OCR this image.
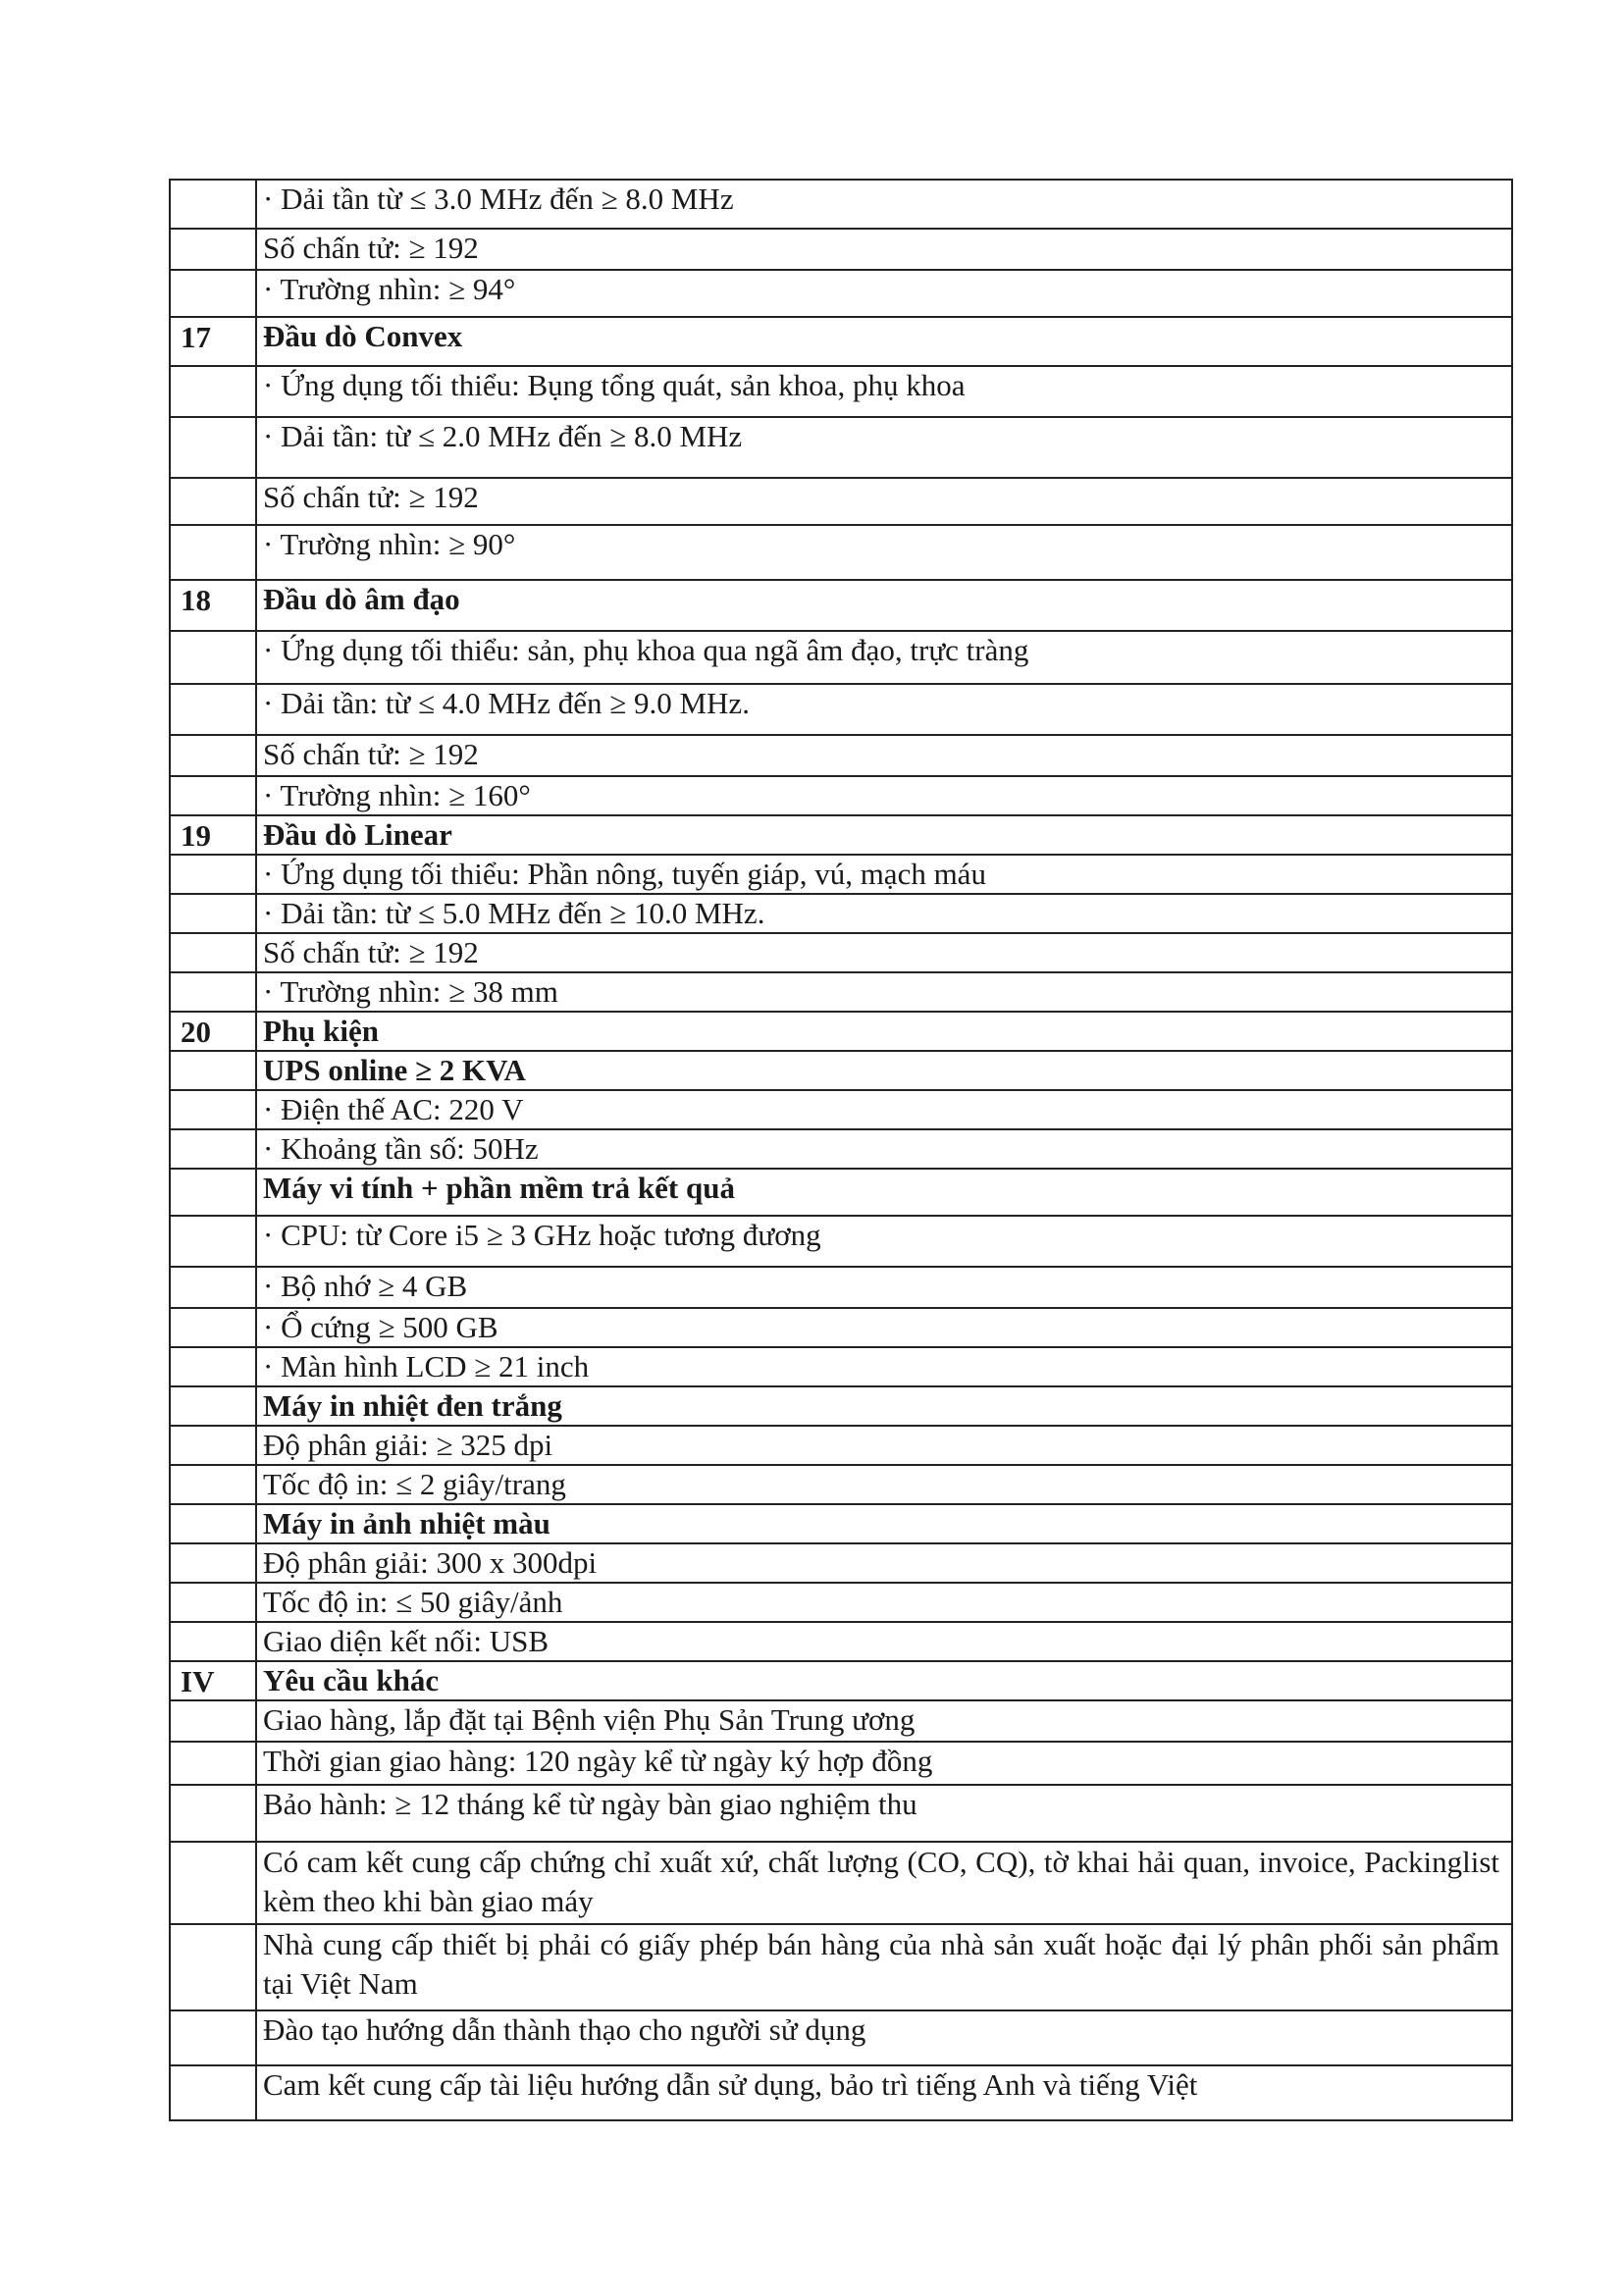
· Dải tần từ ≤ 3.0 MHz đến ≥ 8.0 MHz
Số chấn tử: ≥ 192
· Trường nhìn: ≥ 94°
17	Đầu dò Convex
· Ứng dụng tối thiểu: Bụng tổng quát, sản khoa, phụ khoa
· Dải tần: từ ≤ 2.0 MHz đến ≥ 8.0 MHz
Số chấn tử: ≥ 192
· Trường nhìn: ≥ 90°
18	Đầu dò âm đạo
· Ứng dụng tối thiểu: sản, phụ khoa qua ngã âm đạo, trực tràng
· Dải tần: từ ≤ 4.0 MHz đến ≥ 9.0 MHz.
Số chấn tử: ≥ 192
· Trường nhìn: ≥ 160°
19	Đầu dò Linear
· Ứng dụng tối thiểu: Phần nông, tuyến giáp, vú, mạch máu
· Dải tần: từ ≤ 5.0 MHz đến ≥ 10.0 MHz.
Số chấn tử: ≥ 192
· Trường nhìn: ≥ 38 mm
20	Phụ kiện
UPS online ≥ 2 KVA
· Điện thế AC: 220 V
· Khoảng tần số: 50Hz
Máy vi tính + phần mềm trả kết quả
· CPU: từ Core i5 ≥ 3 GHz hoặc tương đương
· Bộ nhớ ≥ 4 GB
· Ổ cứng ≥ 500 GB
· Màn hình LCD ≥ 21 inch
Máy in nhiệt đen trắng
Độ phân giải: ≥ 325 dpi
Tốc độ in: ≤ 2 giây/trang
Máy in ảnh nhiệt màu
Độ phân giải: 300 x 300dpi
Tốc độ in: ≤ 50 giây/ảnh
Giao diện kết nối: USB
IV	Yêu cầu khác
Giao hàng, lắp đặt tại Bệnh viện Phụ Sản Trung ương
Thời gian giao hàng: 120 ngày kể từ ngày ký hợp đồng
Bảo hành: ≥ 12 tháng kể từ ngày bàn giao nghiệm thu
Có cam kết cung cấp chứng chỉ xuất xứ, chất lượng (CO, CQ), tờ khai hải quan, invoice, Packinglist kèm theo khi bàn giao máy
Nhà cung cấp thiết bị phải có giấy phép bán hàng của nhà sản xuất hoặc đại lý phân phối sản phẩm tại Việt Nam
Đào tạo hướng dẫn thành thạo cho người sử dụng
Cam kết cung cấp tài liệu hướng dẫn sử dụng, bảo trì tiếng Anh và tiếng Việt
